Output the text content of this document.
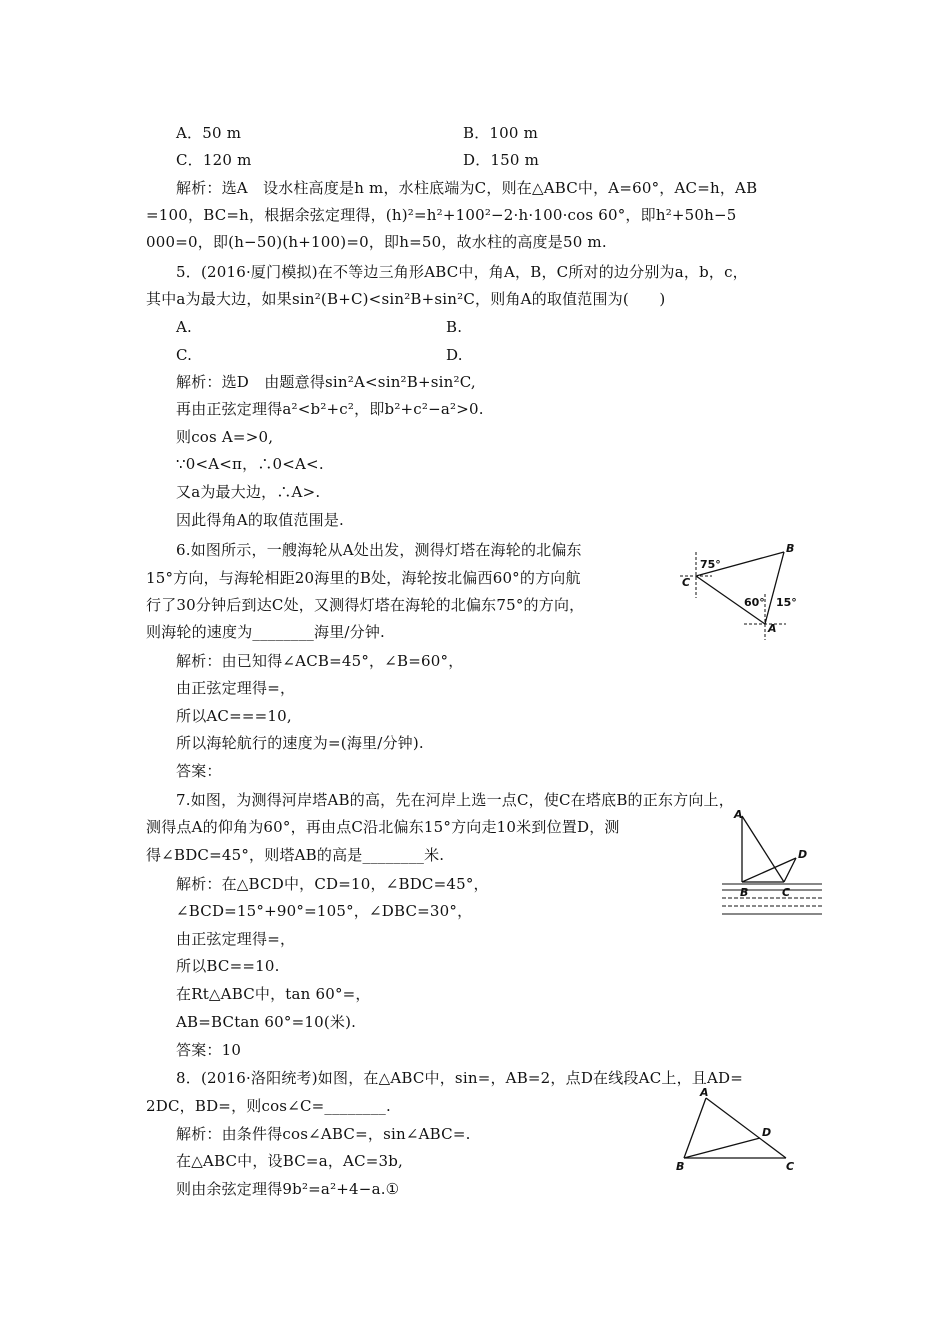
A．50 m	B．100 m
C．120 m	D．150 m
解析：选A　设水柱高度是h m，水柱底端为C，则在△ABC中，A=60°，AC=h，AB
=100，BC=h，根据余弦定理得，(h)²=h²+100²−2·h·100·cos 60°，即h²+50h−5
000=0，即(h−50)(h+100)=0，即h=50，故水柱的高度是50 m.
5．(2016·厦门模拟)在不等边三角形ABC中，角A，B，C所对的边分别为a，b，c，
其中a为最大边，如果sin²(B+C)<sin²B+sin²C，则角A的取值范围为(　　)
A.	B.
C.	D.
解析：选D　由题意得sin²A<sin²B+sin²C,
再由正弦定理得a²<b²+c²，即b²+c²−a²>0.
则cos A=>0,
∵0<A<π，∴0<A<.
又a为最大边，∴A>.
因此得角A的取值范围是.
6.如图所示，一艘海轮从A处出发，测得灯塔在海轮的北偏东
15°方向，与海轮相距20海里的B处，海轮按北偏西60°的方向航
行了30分钟后到达C处，又测得灯塔在海轮的北偏东75°的方向，
则海轮的速度为________海里/分钟.
解析：由已知得∠ACB=45°，∠B=60°，
由正弦定理得=，
所以AC===10,
所以海轮航行的速度为=(海里/分钟).
答案：
B
C
A
75°
60° 15°
7.如图，为测得河岸塔AB的高，先在河岸上选一点C，使C在塔底B的正东方向上，
测得点A的仰角为60°，再由点C沿北偏东15°方向走10米到位置D，测
得∠BDC=45°，则塔AB的高是________米.
解析：在△BCD中，CD=10，∠BDC=45°，
∠BCD=15°+90°=105°，∠DBC=30°，
由正弦定理得=，
所以BC==10.
在Rt△ABC中，tan 60°=，
AB=BCtan 60°=10(米).
答案：10
A
D
B	C
8．(2016·洛阳统考)如图，在△ABC中，sin=，AB=2，点D在线段AC上，且AD=
2DC，BD=，则cos∠C=________.
解析：由条件得cos∠ABC=，sin∠ABC=.
在△ABC中，设BC=a，AC=3b,
则由余弦定理得9b²=a²+4−a.①
A
D
B	C
